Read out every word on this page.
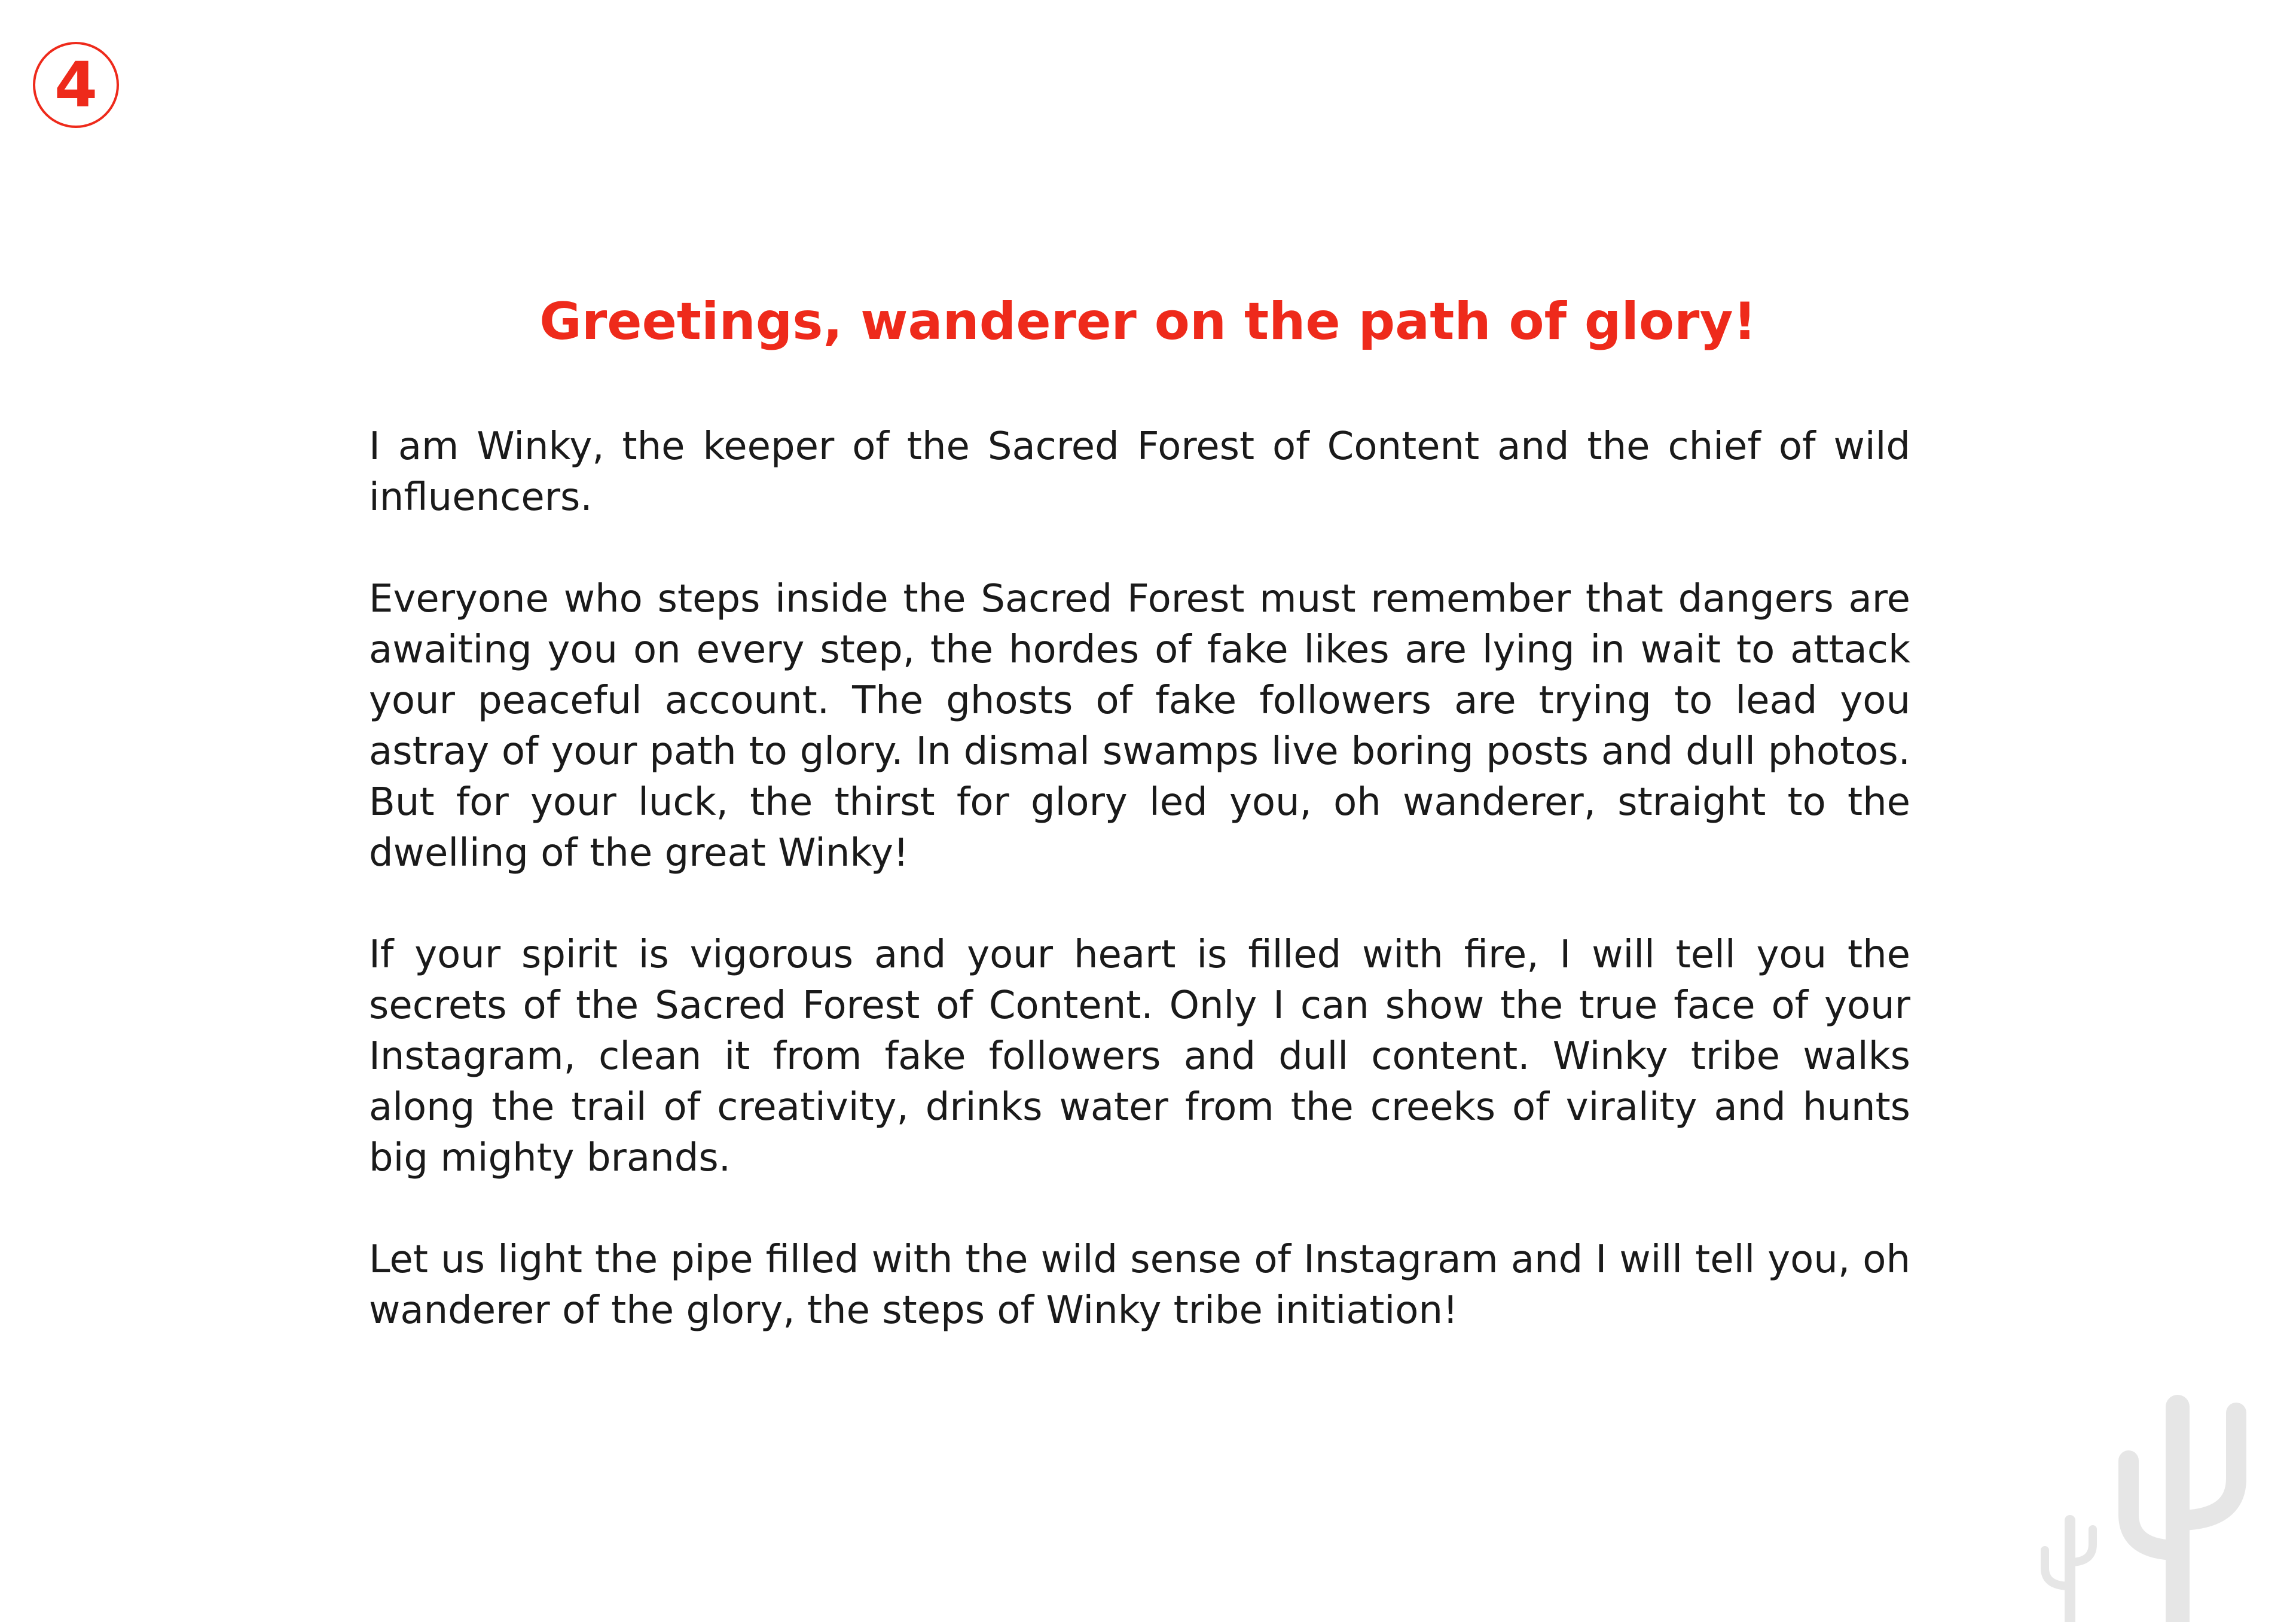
4
Greetings, wanderer on the path of glory!

I am Winky, the keeper of the Sacred Forest of Content and the chief of wild influencers.

Everyone who steps inside the Sacred Forest must remember that dangers are awaiting you on every step, the hordes of fake likes are lying in wait to attack your peaceful account. The ghosts of fake followers are trying to lead you astray of your path to glory. In dismal swamps live boring posts and dull photos. But for your luck, the thirst for glory led you, oh wanderer, straight to the dwelling of the great Winky!

If your spirit is vigorous and your heart is filled with fire, I will tell you the secrets of the Sacred Forest of Content. Only I can show the true face of your Instagram, clean it from fake followers and dull content. Winky tribe walks along the trail of creativity, drinks water from the creeks of virality and hunts big mighty brands.

Let us light the pipe filled with the wild sense of Instagram and I will tell you, oh wanderer of the glory, the steps of Winky tribe initiation!
